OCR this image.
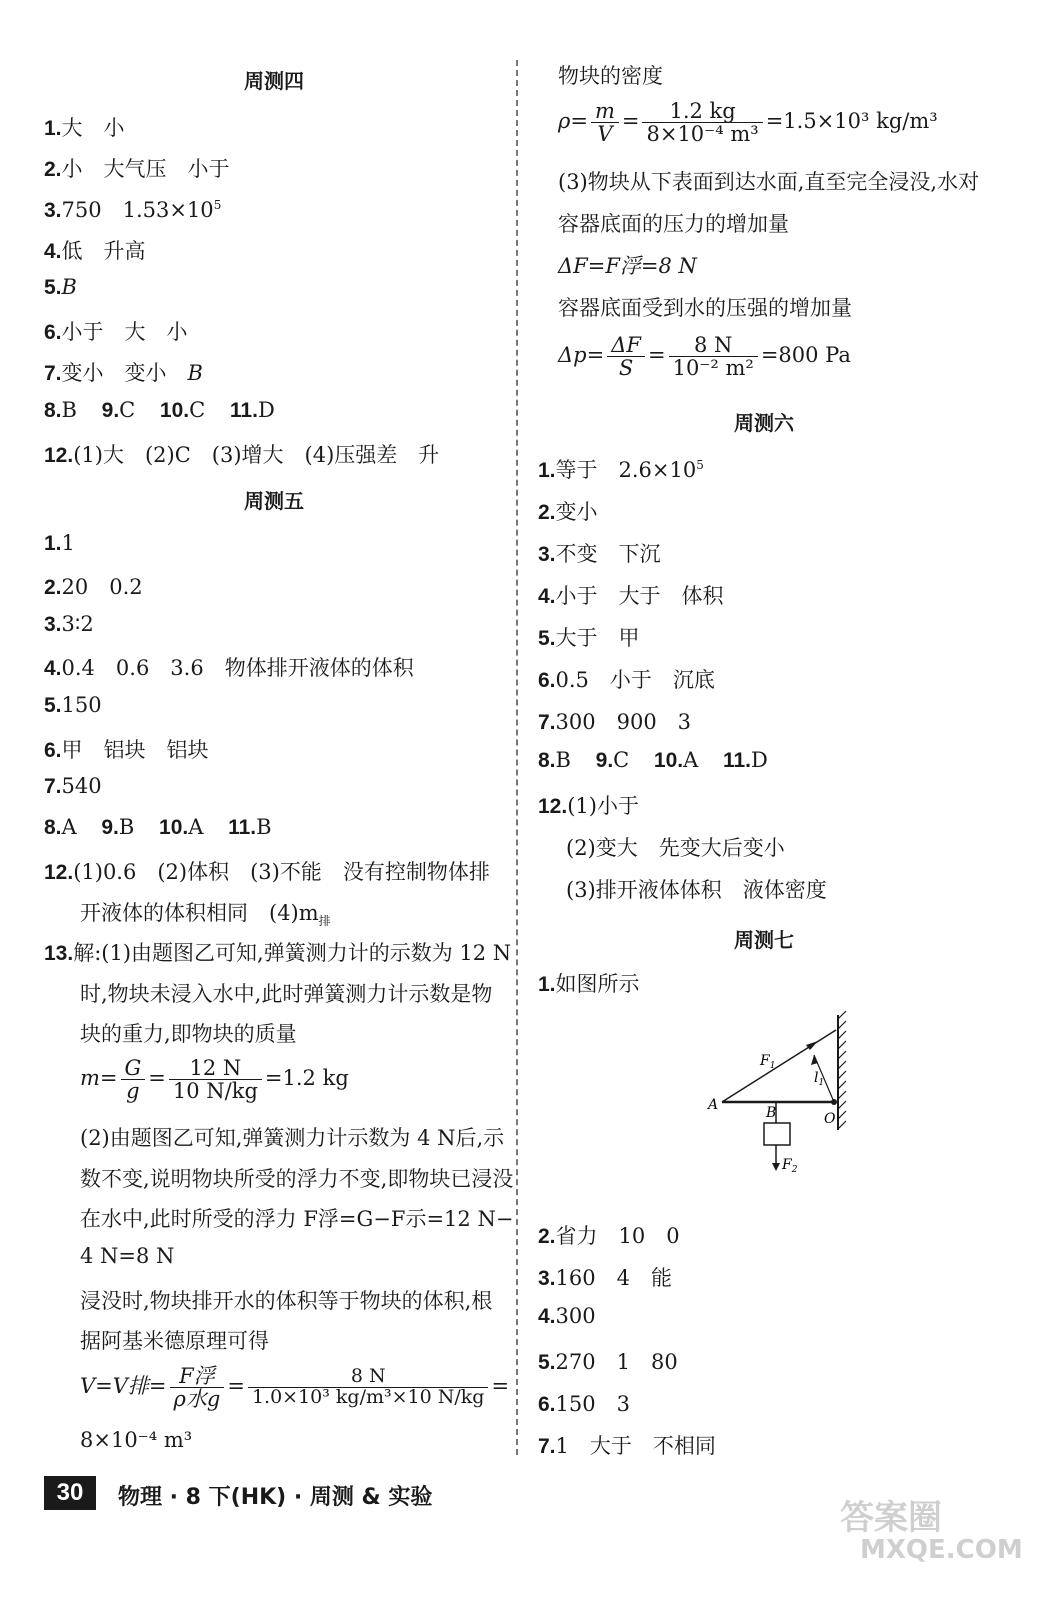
周测四
1.大　小
2.小　大气压　小于
3.750　$1.53\times 10^5$
4.低　升高
5.B
6.小于　大　小
7.变小　变小　B
8.B 9.C 10.C 11.D
12.(1)大　(2)C　(3)增大　(4)压强差　升
周测五
1.1
2.20　0.2
3.3∶2
4.0.4　0.6　3.6　物体排开液体的体积
5.150
6.甲　铝块　铝块
7.540
8.A 9.B 10.A 11.B
12.(1)0.6　(2)体积　(3)不能　没有控制物体排
开液体的体积相同　$(4)m_排$
13.解:(1)由题图乙可知,弹簧测力计的示数为 12 N
时,物块未浸入水中,此时弹簧测力计示数是物
块的重力,即物块的质量
$m= \frac{G}{g} = \frac{12 N}{10 N/kg} =1.2$ kg
(2)由题图乙可知,弹簧测力计示数为 4 N后,示
数不变,说明物块所受的浮力不变,即物块已浸没
在水中,此时所受的浮力 F浮=G−F示=12 N−
4 N=8 N
浸没时,物块排开水的体积等于物块的体积,根
据阿基米德原理可得
V=V排= $\frac{\text{F浮}}{\text{ρ水g}} = \frac{8 N}{\text{1.0×10³ kg/m³×10 N/kg}}$ =
8×10⁻⁴ m³
物块的密度
$\rho= \frac{m}{V} = \frac{1.2 kg}{\text{8×10⁻⁴ m³}} =1.5\times 10^3$ kg/m³
(3)物块从下表面到达水面,直至完全浸没,水对
容器底面的压力的增加量
ΔF=F浮=8 N
容器底面受到水的压强的增加量
$\Delta p= \frac{\Delta F}{S} = \frac{8 N}{\text{10⁻² m²}} =800$ Pa
周测六
1.等于　$2.6\times 10^5$
2.变小
3.不变　下沉
4.小于　大于　体积
5.大于　甲
6.0.5　小于　沉底
7.300　900　3
8.B 9.C 10.A 11.D
12.(1)小于
(2)变大　先变大后变小
(3)排开液体体积　液体密度
周测七
1.如图所示
2.省力　10　0
3.160　4　能
4.300
5.270　1　80
6.150　3
7.1　大于　不相同
$F_1$
$l_1$
A	B	O
$F_2$
30	物理 · 8 下(HK) · 周测 & 实验
答案圈
MXQE.COM
